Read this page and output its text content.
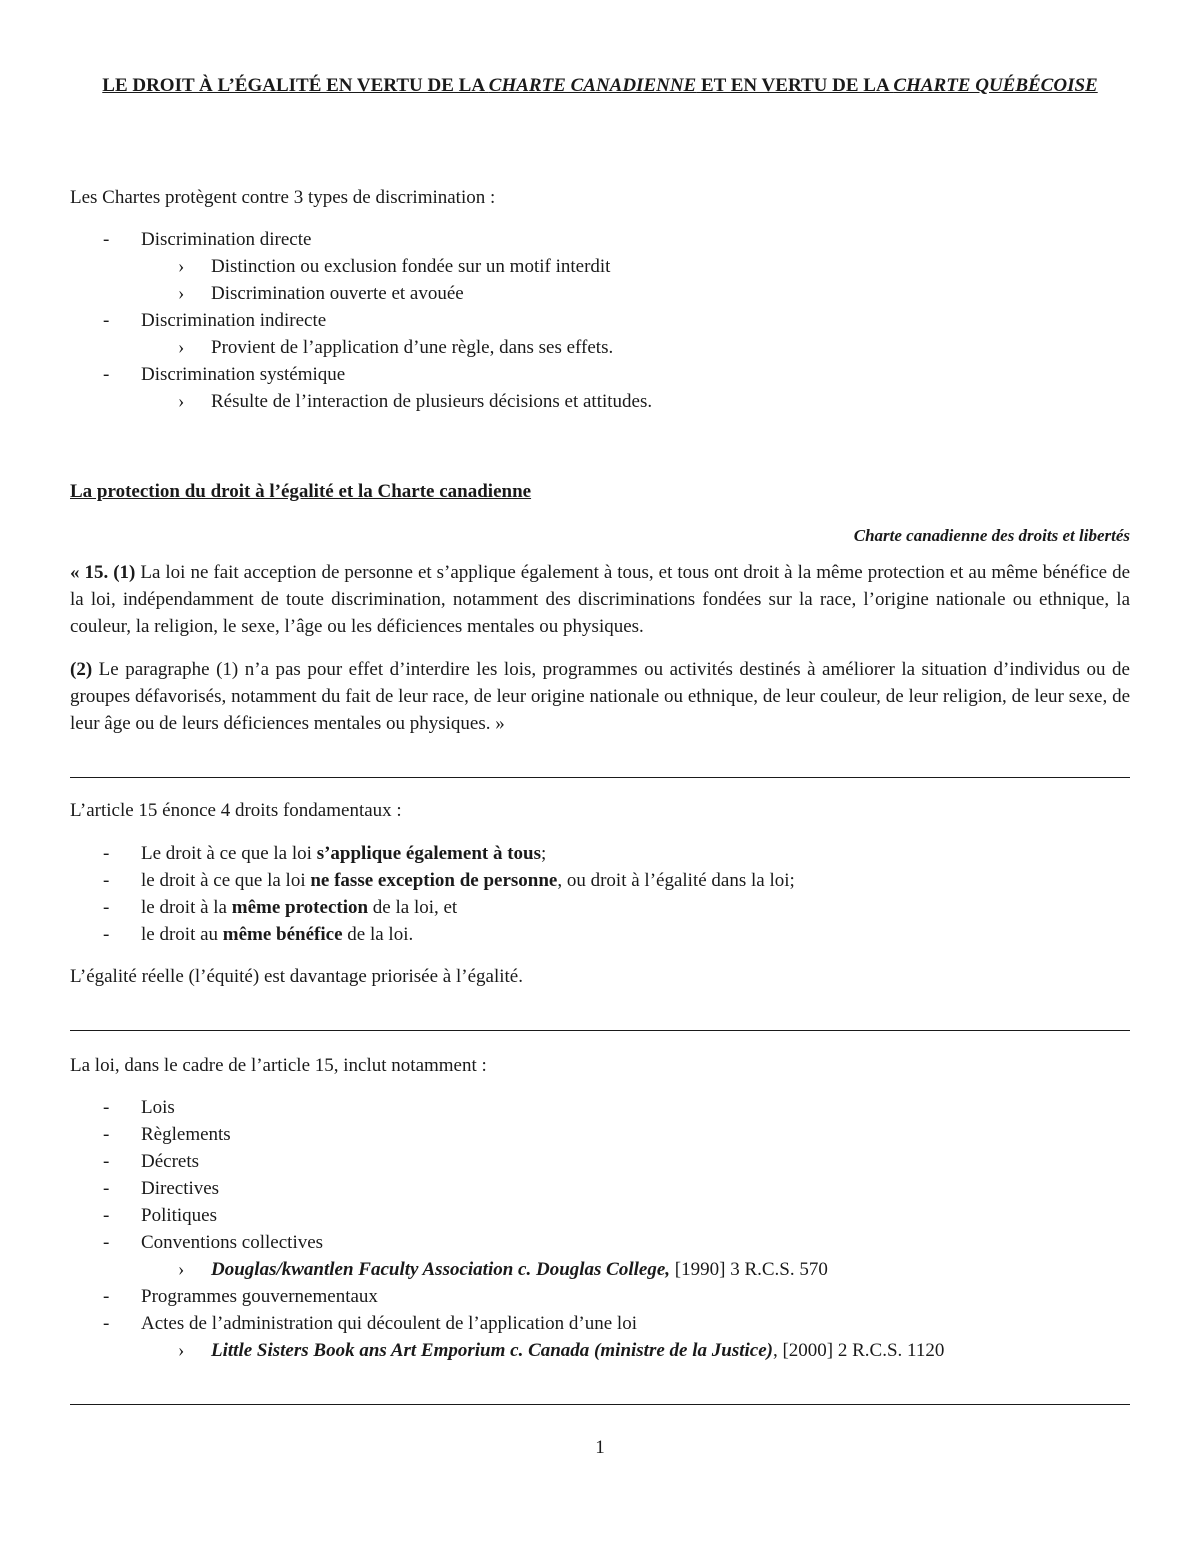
LE DROIT À L’ÉGALITÉ EN VERTU DE LA CHARTE CANADIENNE ET EN VERTU DE LA CHARTE QUÉBÉCOISE

Les Chartes protègent contre 3 types de discrimination :

- Discrimination directe

› Distinction ou exclusion fondée sur un motif interdit

› Discrimination ouverte et avouée

- Discrimination indirecte

› Provient de l’application d’une règle, dans ses effets.

- Discrimination systémique

› Résulte de l’interaction de plusieurs décisions et attitudes.

La protection du droit à l’égalité et la Charte canadienne

Charte canadienne des droits et libertés

« 15. (1) La loi ne fait acception de personne et s’applique également à tous, et tous ont droit à la même protection et au même bénéfice de la loi, indépendamment de toute discrimination, notamment des discriminations fondées sur la race, l’origine nationale ou ethnique, la couleur, la religion, le sexe, l’âge ou les déficiences mentales ou physiques.

(2) Le paragraphe (1) n’a pas pour effet d’interdire les lois, programmes ou activités destinés à améliorer la situation d’individus ou de groupes défavorisés, notamment du fait de leur race, de leur origine nationale ou ethnique, de leur couleur, de leur religion, de leur sexe, de leur âge ou de leurs déficiences mentales ou physiques. »

L’article 15 énonce 4 droits fondamentaux :

- Le droit à ce que la loi s’applique également à tous;

- le droit à ce que la loi ne fasse exception de personne, ou droit à l’égalité dans la loi;

- le droit à la même protection de la loi, et

- le droit au même bénéfice de la loi.

L’égalité réelle (l’équité) est davantage priorisée à l’égalité.

La loi, dans le cadre de l’article 15, inclut notamment :

- Lois

- Règlements

- Décrets

- Directives

- Politiques

- Conventions collectives

› Douglas/kwantlen Faculty Association c. Douglas College, [1990] 3 R.C.S. 570

- Programmes gouvernementaux

- Actes de l’administration qui découlent de l’application d’une loi

› Little Sisters Book ans Art Emporium c. Canada (ministre de la Justice), [2000] 2 R.C.S. 1120

1
